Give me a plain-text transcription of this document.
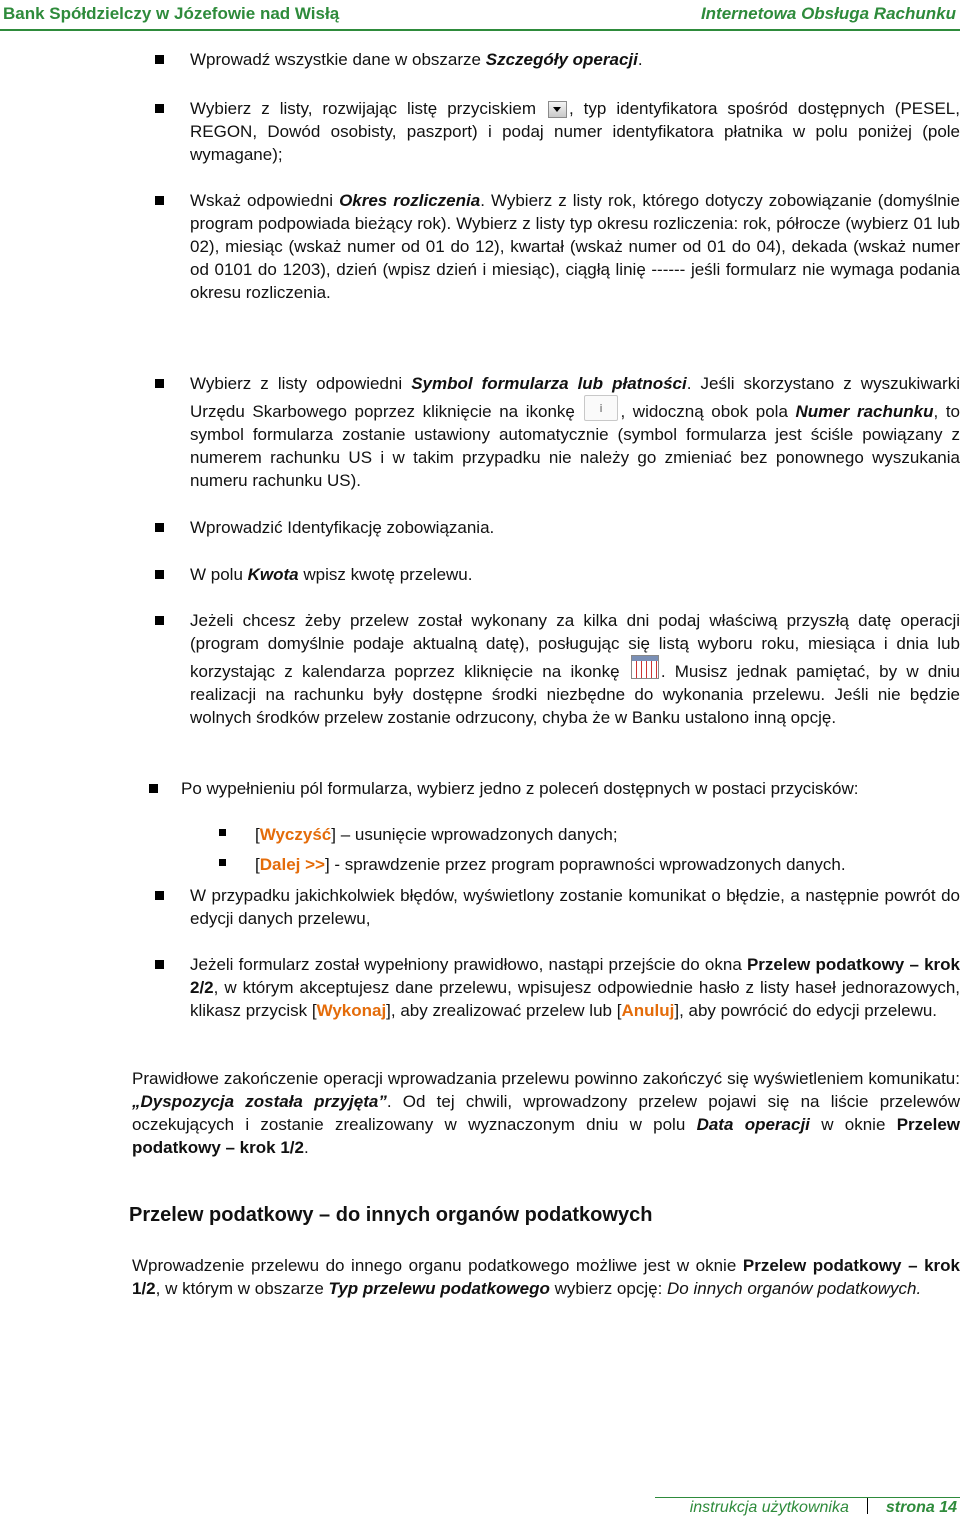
Bank Spółdzielczy w Józefowie nad Wisłą	Internetowa Obsługa Rachunku
Wprowadź wszystkie dane w obszarze Szczegóły operacji.
Wybierz z listy, rozwijając listę przyciskiem , typ identyfikatora spośród dostępnych (PESEL, REGON, Dowód osobisty, paszport) i podaj numer identyfikatora płatnika w polu poniżej (pole wymagane);
Wskaż odpowiedni Okres rozliczenia. Wybierz z listy rok, którego dotyczy zobowiązanie (domyślnie program podpowiada bieżący rok). Wybierz z listy typ okresu rozliczenia: rok, półrocze (wybierz 01 lub 02), miesiąc (wskaż numer od 01 do 12), kwartał (wskaż numer od 01 do 04), dekada (wskaż numer od 0101 do 1203), dzień (wpisz dzień i miesiąc), ciągłą linię ------ jeśli formularz nie wymaga podania okresu rozliczenia.
Wybierz z listy odpowiedni Symbol formularza lub płatności. Jeśli skorzystano z wyszukiwarki Urzędu Skarbowego poprzez kliknięcie na ikonkę i, widoczną obok pola Numer rachunku, to symbol formularza zostanie ustawiony automatycznie (symbol formularza jest ściśle powiązany z numerem rachunku US i w takim przypadku nie należy go zmieniać bez ponownego wyszukania numeru rachunku US).
Wprowadzić Identyfikację zobowiązania.
W polu Kwota wpisz kwotę przelewu.
Jeżeli chcesz żeby przelew został wykonany za kilka dni podaj właściwą przyszłą datę operacji (program domyślnie podaje aktualną datę), posługując się listą wyboru roku, miesiąca i dnia lub korzystając z kalendarza poprzez kliknięcie na ikonkę . Musisz jednak pamiętać, by w dniu realizacji na rachunku były dostępne środki niezbędne do wykonania przelewu. Jeśli nie będzie wolnych środków przelew zostanie odrzucony, chyba że w Banku ustalono inną opcję.
Po wypełnieniu pól formularza, wybierz jedno z poleceń dostępnych w postaci przycisków:
[Wyczyść] – usunięcie wprowadzonych danych;
[Dalej >>] - sprawdzenie przez program poprawności wprowadzonych danych.
W przypadku jakichkolwiek błędów, wyświetlony zostanie komunikat o błędzie, a następnie powrót do edycji danych przelewu,
Jeżeli formularz został wypełniony prawidłowo, nastąpi przejście do okna Przelew podatkowy – krok 2/2, w którym akceptujesz dane przelewu, wpisujesz odpowiednie hasło z listy haseł jednorazowych, klikasz przycisk [Wykonaj], aby zrealizować przelew lub [Anuluj], aby powrócić do edycji przelewu.
Prawidłowe zakończenie operacji wprowadzania przelewu powinno zakończyć się wyświetleniem komunikatu: „Dyspozycja została przyjęta”. Od tej chwili, wprowadzony przelew pojawi się na liście przelewów oczekujących i zostanie zrealizowany w wyznaczonym dniu w polu Data operacji w oknie Przelew podatkowy – krok 1/2.
Przelew podatkowy – do innych organów podatkowych
Wprowadzenie przelewu do innego organu podatkowego możliwe jest w oknie Przelew podatkowy – krok 1/2, w którym w obszarze Typ przelewu podatkowego wybierz opcję: Do innych organów podatkowych.
instrukcja użytkownika strona 14
